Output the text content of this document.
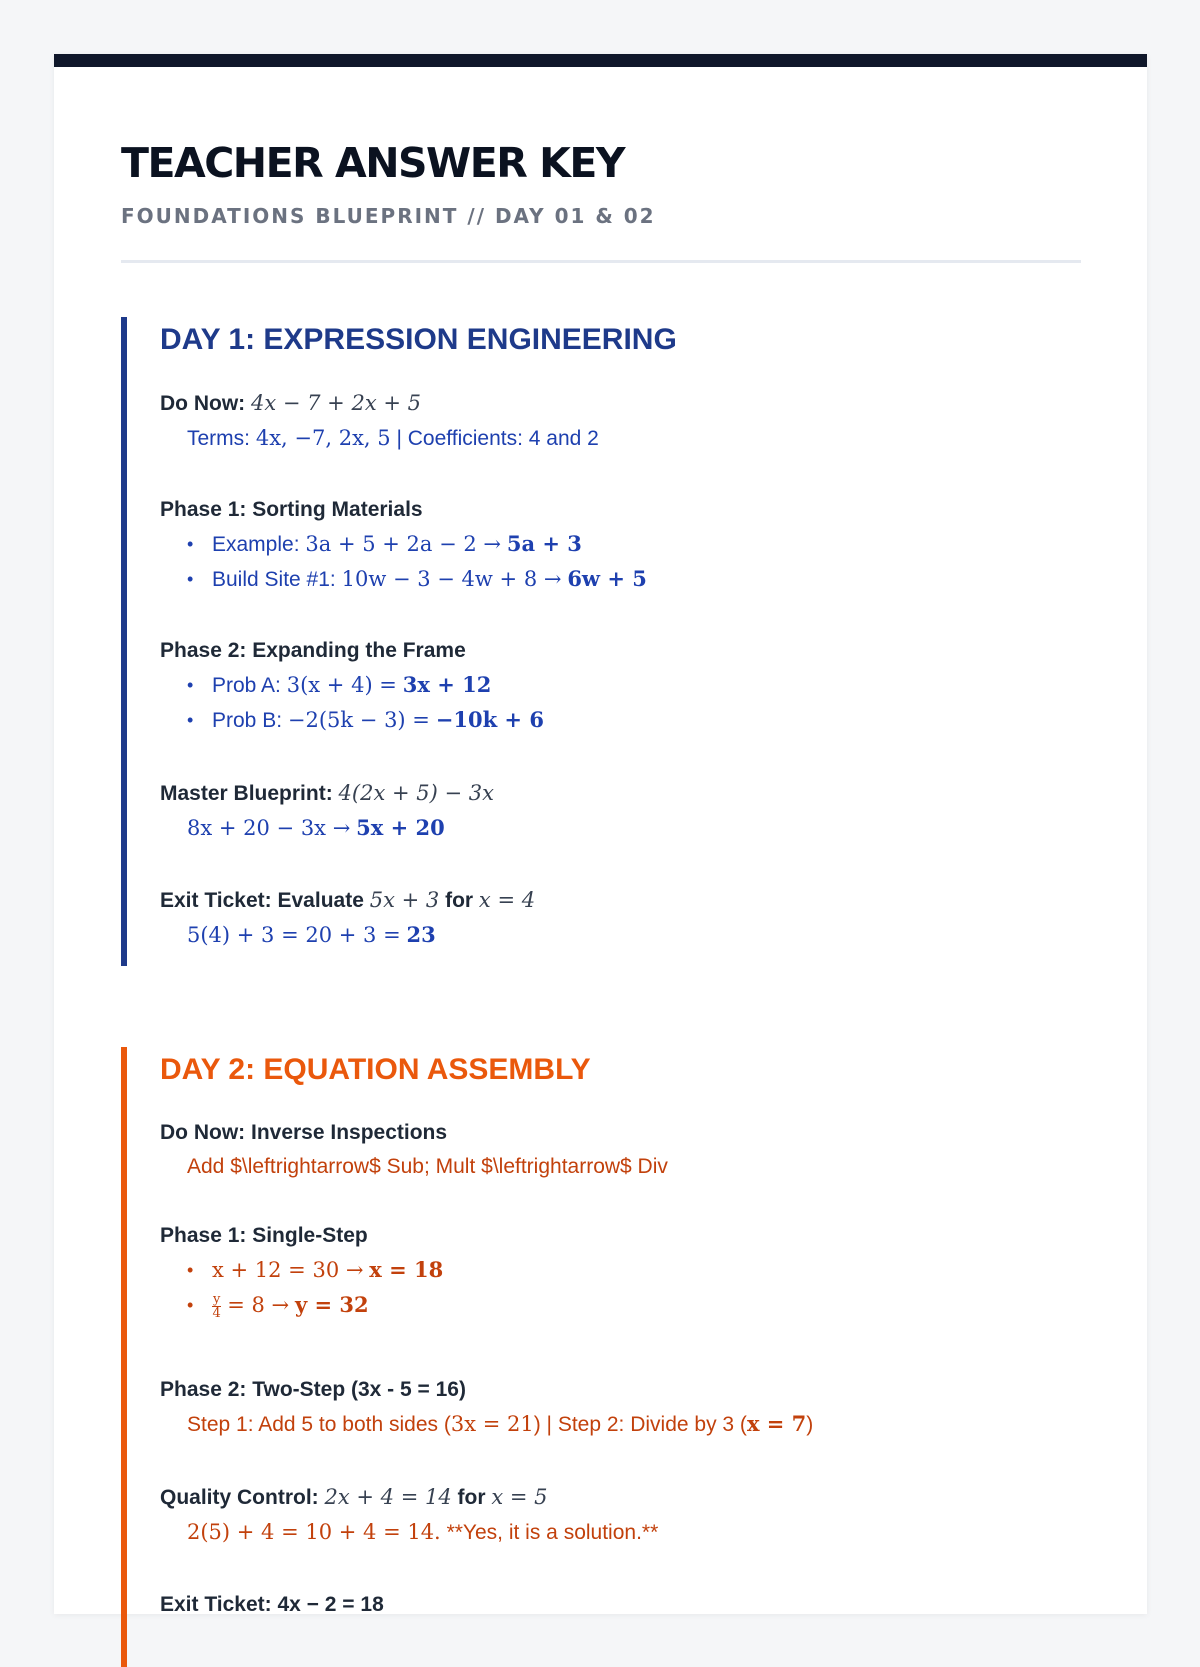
TEACHER ANSWER KEY
FOUNDATIONS BLUEPRINT // DAY 01 & 02
DAY 1: EXPRESSION ENGINEERING
Do Now: 4x − 7 + 2x + 5
Terms: 4x, −7, 2x, 5 | Coefficients: 4 and 2
Phase 1: Sorting Materials
• Example: 3a + 5 + 2a − 2 → 5a + 3
• Build Site #1: 10w − 3 − 4w + 8 → 6w + 5
Phase 2: Expanding the Frame
• Prob A: 3(x + 4) = 3x + 12
• Prob B: −2(5k − 3) = −10k + 6
Master Blueprint: 4(2x + 5) − 3x
8x + 20 − 3x → 5x + 20
Exit Ticket: Evaluate 5x + 3 for x = 4
5(4) + 3 = 20 + 3 = 23
DAY 2: EQUATION ASSEMBLY
Do Now: Inverse Inspections
Add $\leftrightarrow$ Sub; Mult $\leftrightarrow$ Div
Phase 1: Single-Step
• x + 12 = 30 → x = 18
• $\frac{y}{4} = 8 \to y = 32$
Phase 2: Two-Step (3x - 5 = 16)
Step 1: Add 5 to both sides (3x = 21) | Step 2: Divide by 3 (x = 7)
Quality Control: 2x + 4 = 14 for x = 5
2(5) + 4 = 10 + 4 = 14. **Yes, it is a solution.**
Exit Ticket: 4x − 2 = 18
